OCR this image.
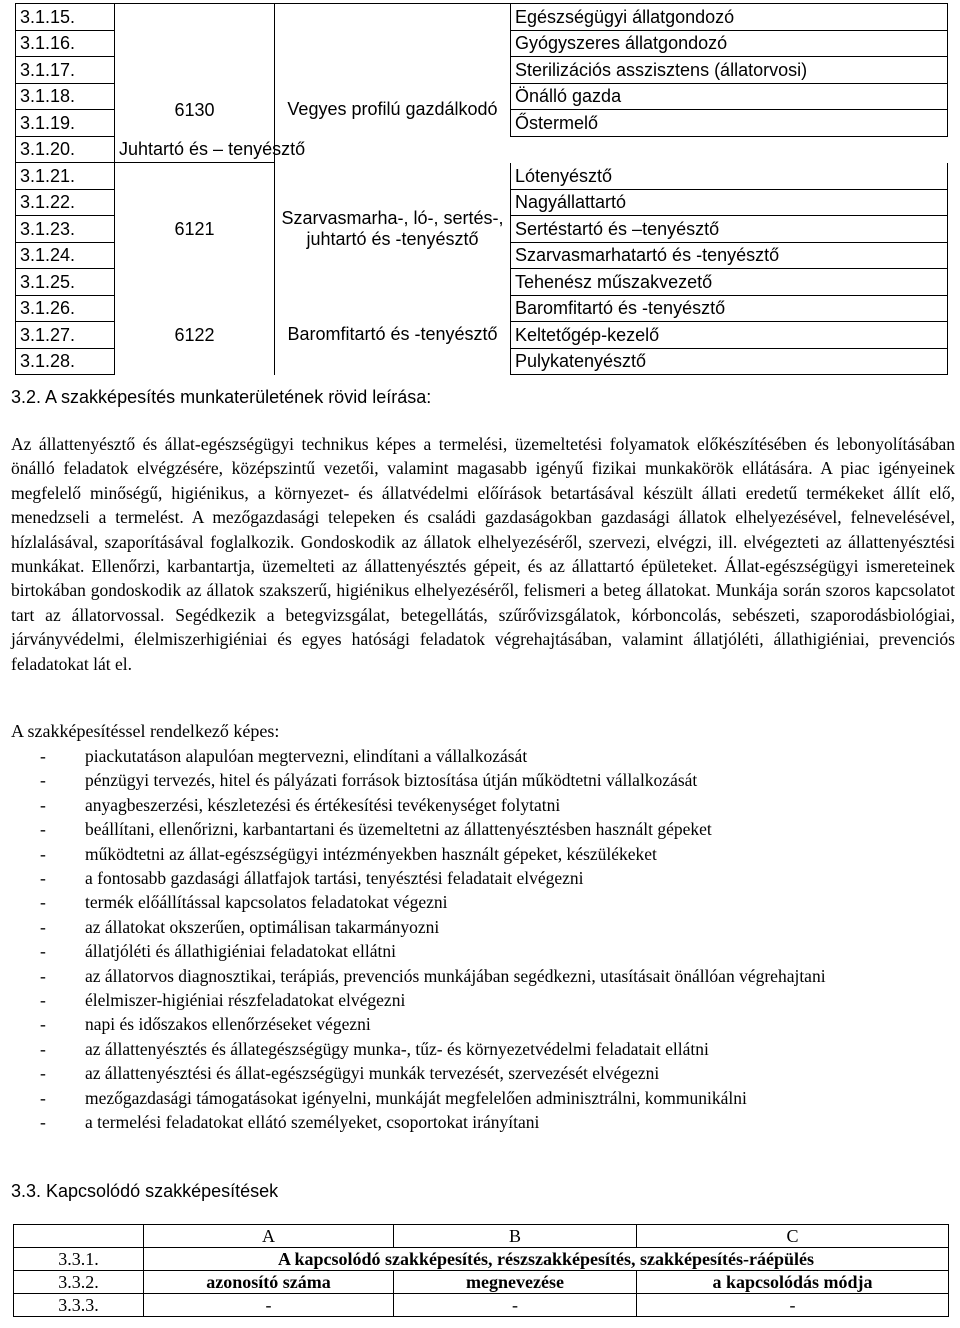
3.1.15.			Egészségügyi állatgondozó
3.1.16.			Gyógyszeres állatgondozó
3.1.17.			Sterilizációs asszisztens (állatorvosi)
3.1.18.	6130	Vegyes profilú gazdálkodó	Önálló gazda
3.1.19.			Őstermelő
3.1.20.	Juhtartó és – tenyésztő		
3.1.21.	6121	Szarvasmarha-, ló-, sertés-, juhtartó és -tenyésztő	Lótenyésztő
3.1.22.			Nagyállattartó
3.1.23.			Sertéstartó és –tenyésztő
3.1.24.			Szarvasmarhatartó és -tenyésztő
3.1.25.			Tehenész műszakvezető
3.1.26.	6122	Baromfitartó és -tenyésztő	Baromfitartó és -tenyésztő
3.1.27.			Keltetőgép-kezelő
3.1.28.			Pulykatenyésztő
3.2. A szakképesítés munkaterületének rövid leírása:

Az állattenyésztő és állat-egészségügyi technikus képes a termelési, üzemeltetési folyamatok előkészítésében és lebonyolításában önálló feladatok elvégzésére, középszintű vezetői, valamint magasabb igényű fizikai munkakörök ellátására. A piac igényeinek megfelelő minőségű, higiénikus, a környezet- és állatvédelmi előírások betartásával készült állati eredetű termékeket állít elő, menedzseli a termelést. A mezőgazdasági telepeken és családi gazdaságokban gazdasági állatok elhelyezésével, felnevelésével, hízlalásával, szaporításával foglalkozik. Gondoskodik az állatok elhelyezéséről, szervezi, elvégzi, ill. elvégezteti az állattenyésztési munkákat. Ellenőrzi, karbantartja, üzemelteti az állattenyésztés gépeit, és az állattartó épületeket. Állat-egészségügyi ismereteinek birtokában gondoskodik az állatok szakszerű, higiénikus elhelyezéséről, felismeri a beteg állatokat. Munkája során szoros kapcsolatot tart az állatorvossal. Segédkezik a betegvizsgálat, betegellátás, szűrővizsgálatok, kórboncolás, sebészeti, szaporodásbiológiai, járványvédelmi, élelmiszerhigiéniai és egyes hatósági feladatok végrehajtásában, valamint állatjóléti, állathigiéniai, prevenciós feladatokat lát el.

A szakképesítéssel rendelkező képes:

- piackutatáson alapulóan megtervezni, elindítani a vállalkozását
- pénzügyi tervezés, hitel és pályázati források biztosítása útján működtetni vállalkozását
- anyagbeszerzési, készletezési és értékesítési tevékenységet folytatni
- beállítani, ellenőrizni, karbantartani és üzemeltetni az állattenyésztésben használt gépeket
- működtetni az állat-egészségügyi intézményekben használt gépeket, készülékeket
- a fontosabb gazdasági állatfajok tartási, tenyésztési feladatait elvégezni
- termék előállítással kapcsolatos feladatokat végezni
- az állatokat okszerűen, optimálisan takarmányozni
- állatjóléti és állathigiéniai feladatokat ellátni
- az állatorvos diagnosztikai, terápiás, prevenciós munkájában segédkezni, utasításait önállóan végrehajtani
- élelmiszer-higiéniai részfeladatokat elvégezni
- napi és időszakos ellenőrzéseket végezni
- az állattenyésztés és állategészségügy munka-, tűz- és környezetvédelmi feladatait ellátni
- az állattenyésztési és állat-egészségügyi munkák tervezését, szervezését elvégezni
- mezőgazdasági támogatásokat igényelni, munkáját megfelelően adminisztrálni, kommunikálni
- a termelési feladatokat ellátó személyeket, csoportokat irányítani
3.3. Kapcsolódó szakképesítések
	A	B	C
3.3.1.	A kapcsolódó szakképesítés, részszakképesítés, szakképesítés-ráépülés		
3.3.2.	azonosító száma	megnevezése	a kapcsolódás módja
3.3.3.	-	-	-
